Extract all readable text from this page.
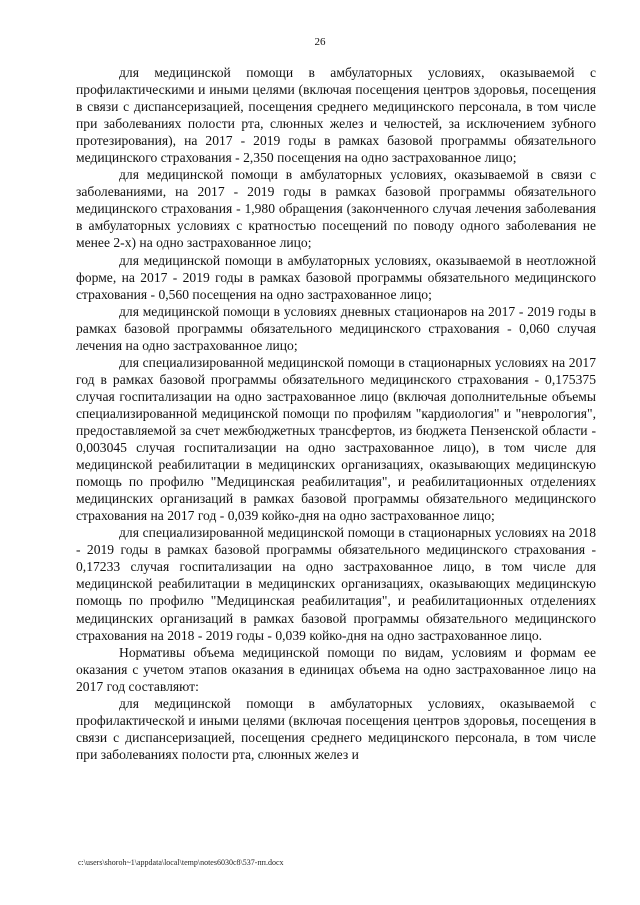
26

для медицинской помощи в амбулаторных условиях, оказываемой с профилактическими и иными целями (включая посещения центров здоровья, посещения в связи с диспансеризацией, посещения среднего медицинского персонала, в том числе при заболеваниях полости рта, слюнных желез и челюстей, за исключением зубного протезирования), на 2017 - 2019 годы в рамках базовой программы обязательного медицинского страхования - 2,350 посещения на одно застрахованное лицо;

для медицинской помощи в амбулаторных условиях, оказываемой в связи с заболеваниями, на 2017 - 2019 годы в рамках базовой программы обязательного медицинского страхования - 1,980 обращения (законченного случая лечения заболевания в амбулаторных условиях с кратностью посещений по поводу одного заболевания не менее 2-х) на одно застрахованное лицо;

для медицинской помощи в амбулаторных условиях, оказываемой в неотложной форме, на 2017 - 2019 годы в рамках базовой программы обязательного медицинского страхования - 0,560 посещения на одно застрахованное лицо;

для медицинской помощи в условиях дневных стационаров на 2017 - 2019 годы в рамках базовой программы обязательного медицинского страхования - 0,060 случая лечения на одно застрахованное лицо;

для специализированной медицинской помощи в стационарных условиях на 2017 год в рамках базовой программы обязательного медицинского страхования - 0,175375 случая госпитализации на одно застрахованное лицо (включая дополнительные объемы специализированной медицинской помощи по профилям "кардиология" и "неврология", предоставляемой за счет межбюджетных трансфертов, из бюджета Пензенской области - 0,003045 случая госпитализации на одно застрахованное лицо), в том числе для медицинской реабилитации в медицинских организациях, оказывающих медицинскую помощь по профилю "Медицинская реабилитация", и реабилитационных отделениях медицинских организаций в рамках базовой программы обязательного медицинского страхования на 2017 год - 0,039 койко-дня на одно застрахованное лицо;

для специализированной медицинской помощи в стационарных условиях на 2018 - 2019 годы в рамках базовой программы обязательного медицинского страхования - 0,17233 случая госпитализации на одно застрахованное лицо, в том числе для медицинской реабилитации в медицинских организациях, оказывающих медицинскую помощь по профилю "Медицинская реабилитация", и реабилитационных отделениях медицинских организаций в рамках базовой программы обязательного медицинского страхования на 2018 - 2019 годы - 0,039 койко-дня на одно застрахованное лицо.

Нормативы объема медицинской помощи по видам, условиям и формам ее оказания с учетом этапов оказания в единицах объема на одно застрахованное лицо на 2017 год составляют:

для медицинской помощи в амбулаторных условиях, оказываемой с профилактической и иными целями (включая посещения центров здоровья, посещения в связи с диспансеризацией, посещения среднего медицинского персонала, в том числе при заболеваниях полости рта, слюнных желез и

c:\users\shoroh~1\appdata\local\temp\notes6030c8\537-пп.docx
